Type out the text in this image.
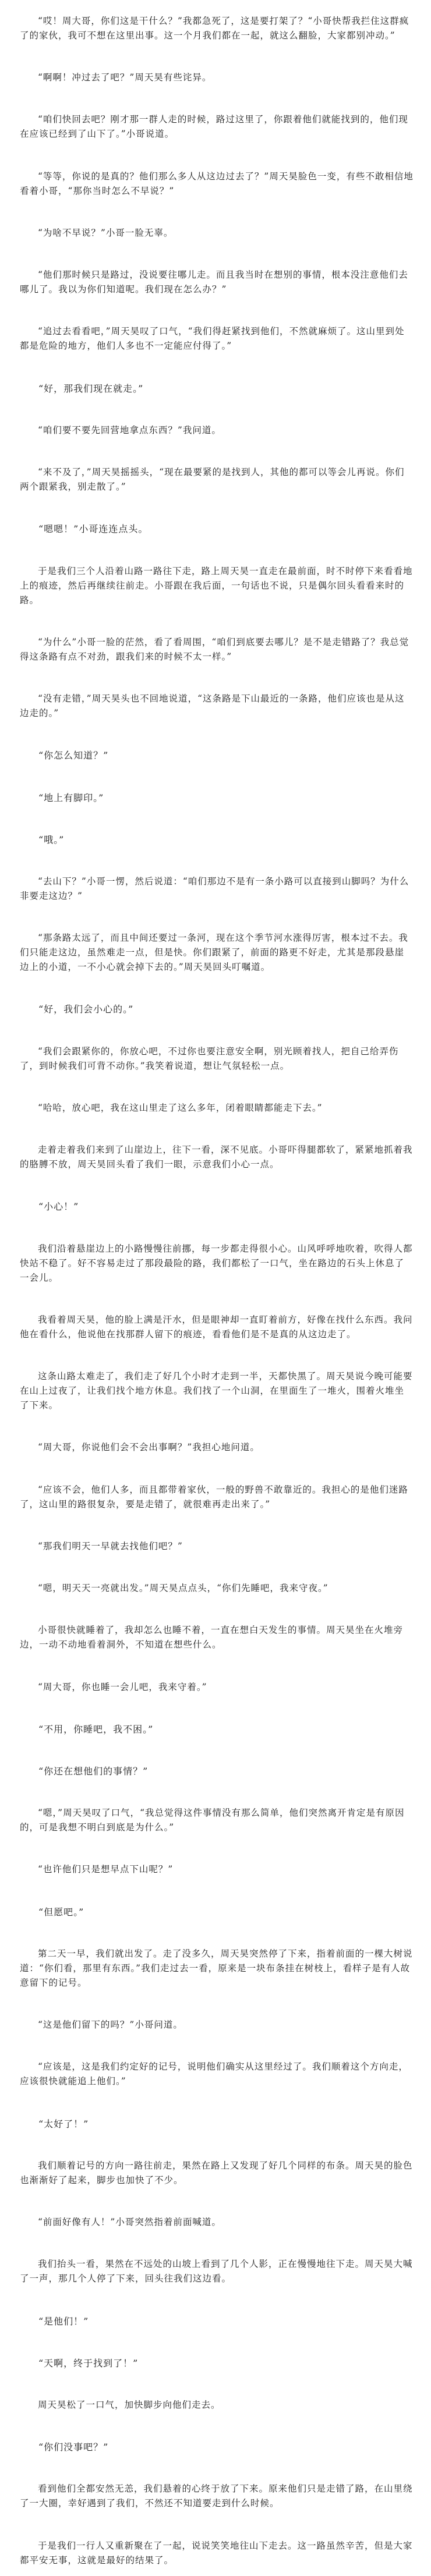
“哎！周大哥，你们这是干什么？”我都急死了，这是要打架了？“小哥快帮我拦住这群疯了的家伙，我可不想在这里出事。这一个月我们都在一起，就这么翻脸，大家都别冲动。”

“啊啊！冲过去了吧？”周天昊有些诧异。

“咱们快回去吧？刚才那一群人走的时候，路过这里了，你跟着他们就能找到的，他们现在应该已经到了山下了。”小哥说道。

“等等，你说的是真的？他们那么多人从这边过去了？”周天昊脸色一变，有些不敢相信地看着小哥，“那你当时怎么不早说？”

“为啥不早说？”小哥一脸无辜。

“他们那时候只是路过，没说要往哪儿走。而且我当时在想别的事情，根本没注意他们去哪儿了。我以为你们知道呢。我们现在怎么办？”

“追过去看看吧，”周天昊叹了口气，“我们得赶紧找到他们，不然就麻烦了。这山里到处都是危险的地方，他们人多也不一定能应付得了。”

“好，那我们现在就走。”

“咱们要不要先回营地拿点东西？”我问道。

“来不及了，”周天昊摇摇头，“现在最要紧的是找到人，其他的都可以等会儿再说。你们两个跟紧我，别走散了。”

“嗯嗯！”小哥连连点头。

于是我们三个人沿着山路一路往下走，路上周天昊一直走在最前面，时不时停下来看看地上的痕迹，然后再继续往前走。小哥跟在我后面，一句话也不说，只是偶尔回头看看来时的路。

“为什么”小哥一脸的茫然，看了看周围，“咱们到底要去哪儿？是不是走错路了？我总觉得这条路有点不对劲，跟我们来的时候不太一样。”

“没有走错，”周天昊头也不回地说道，“这条路是下山最近的一条路，他们应该也是从这边走的。”

“你怎么知道？”

“地上有脚印。”

“哦。”

“去山下？”小哥一愣，然后说道：“咱们那边不是有一条小路可以直接到山脚吗？为什么非要走这边？”

“那条路太远了，而且中间还要过一条河，现在这个季节河水涨得厉害，根本过不去。我们只能走这边，虽然难走一点，但是快。你们跟紧了，前面的路更不好走，尤其是那段悬崖边上的小道，一不小心就会掉下去的。”周天昊回头叮嘱道。

“好，我们会小心的。”

“我们会跟紧你的，你放心吧，不过你也要注意安全啊，别光顾着找人，把自己给弄伤了，到时候我们可背不动你。”我笑着说道，想让气氛轻松一点。

“哈哈，放心吧，我在这山里走了这么多年，闭着眼睛都能走下去。”

走着走着我们来到了山崖边上，往下一看，深不见底。小哥吓得腿都软了，紧紧地抓着我的胳膊不放，周天昊回头看了我们一眼，示意我们小心一点。

“小心！”

我们沿着悬崖边上的小路慢慢往前挪，每一步都走得很小心。山风呼呼地吹着，吹得人都快站不稳了。好不容易走过了那段最险的路，我们都松了一口气，坐在路边的石头上休息了一会儿。

我看着周天昊，他的脸上满是汗水，但是眼神却一直盯着前方，好像在找什么东西。我问他在看什么，他说他在找那群人留下的痕迹，看看他们是不是真的从这边走了。

这条山路太难走了，我们走了好几个小时才走到一半，天都快黑了。周天昊说今晚可能要在山上过夜了，让我们找个地方休息。我们找了一个山洞，在里面生了一堆火，围着火堆坐了下来。

“周大哥，你说他们会不会出事啊？”我担心地问道。

“应该不会，他们人多，而且都带着家伙，一般的野兽不敢靠近的。我担心的是他们迷路了，这山里的路很复杂，要是走错了，就很难再走出来了。”

“那我们明天一早就去找他们吧？”

“嗯，明天天一亮就出发。”周天昊点点头，“你们先睡吧，我来守夜。”

小哥很快就睡着了，我却怎么也睡不着，一直在想白天发生的事情。周天昊坐在火堆旁边，一动不动地看着洞外，不知道在想些什么。

“周大哥，你也睡一会儿吧，我来守着。”

“不用，你睡吧，我不困。”

“你还在想他们的事情？”

“嗯，”周天昊叹了口气，“我总觉得这件事情没有那么简单，他们突然离开肯定是有原因的，可是我想不明白到底是为什么。”

“也许他们只是想早点下山呢？”

“但愿吧。”

第二天一早，我们就出发了。走了没多久，周天昊突然停了下来，指着前面的一棵大树说道：“你们看，那里有东西。”我们走过去一看，原来是一块布条挂在树枝上，看样子是有人故意留下的记号。

“这是他们留下的吗？”小哥问道。

“应该是，这是我们约定好的记号，说明他们确实从这里经过了。我们顺着这个方向走，应该很快就能追上他们。”

“太好了！”

我们顺着记号的方向一路往前走，果然在路上又发现了好几个同样的布条。周天昊的脸色也渐渐好了起来，脚步也加快了不少。

“前面好像有人！”小哥突然指着前面喊道。

我们抬头一看，果然在不远处的山坡上看到了几个人影，正在慢慢地往下走。周天昊大喊了一声，那几个人停了下来，回头往我们这边看。

“是他们！”

“天啊，终于找到了！”

周天昊松了一口气，加快脚步向他们走去。

“你们没事吧？”

看到他们全都安然无恙，我们悬着的心终于放了下来。原来他们只是走错了路，在山里绕了一大圈，幸好遇到了我们，不然还不知道要走到什么时候。

于是我们一行人又重新聚在了一起，说说笑笑地往山下走去。这一路虽然辛苦，但是大家都平安无事，这就是最好的结果了。
